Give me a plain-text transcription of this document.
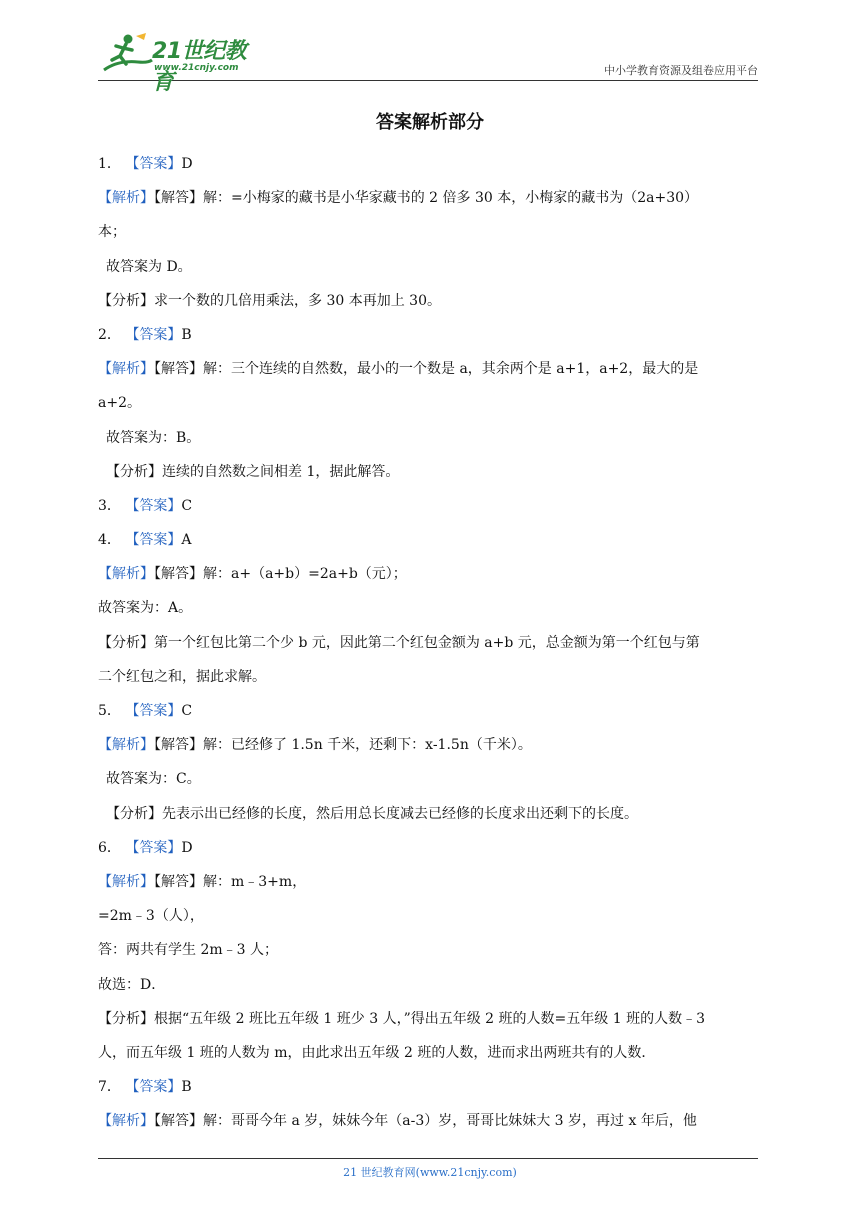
21世纪教育
www.21cnjy.com	中小学教育资源及组卷应用平台
答案解析部分
1． 【答案】D
【解析】【解答】解：=小梅家的藏书是小华家藏书的 2 倍多 30 本，小梅家的藏书为（2a+30）
本；
故答案为 D。
【分析】求一个数的几倍用乘法，多 30 本再加上 30。
2． 【答案】B
【解析】【解答】解：三个连续的自然数，最小的一个数是 a，其余两个是 a+1，a+2，最大的是
a+2。
故答案为：B。
【分析】连续的自然数之间相差 1，据此解答。
3． 【答案】C
4． 【答案】A
【解析】【解答】解：a+（a+b）=2a+b（元）；
故答案为：A。
【分析】第一个红包比第二个少 b 元，因此第二个红包金额为 a+b 元，总金额为第一个红包与第
二个红包之和，据此求解。
5． 【答案】C
【解析】【解答】解：已经修了 1.5n 千米，还剩下：x-1.5n（千米）。
故答案为：C。
【分析】先表示出已经修的长度，然后用总长度减去已经修的长度求出还剩下的长度。
6． 【答案】D
【解析】【解答】解：m﹣3+m，
=2m﹣3（人），
答：两共有学生 2m﹣3 人；
故选：D．
【分析】根据“五年级 2 班比五年级 1 班少 3 人，”得出五年级 2 班的人数=五年级 1 班的人数﹣3
人，而五年级 1 班的人数为 m，由此求出五年级 2 班的人数，进而求出两班共有的人数．
7． 【答案】B
【解析】【解答】解：哥哥今年 a 岁，妹妹今年（a-3）岁，哥哥比妹妹大 3 岁，再过 x 年后，他
21 世纪教育网(www.21cnjy.com)
